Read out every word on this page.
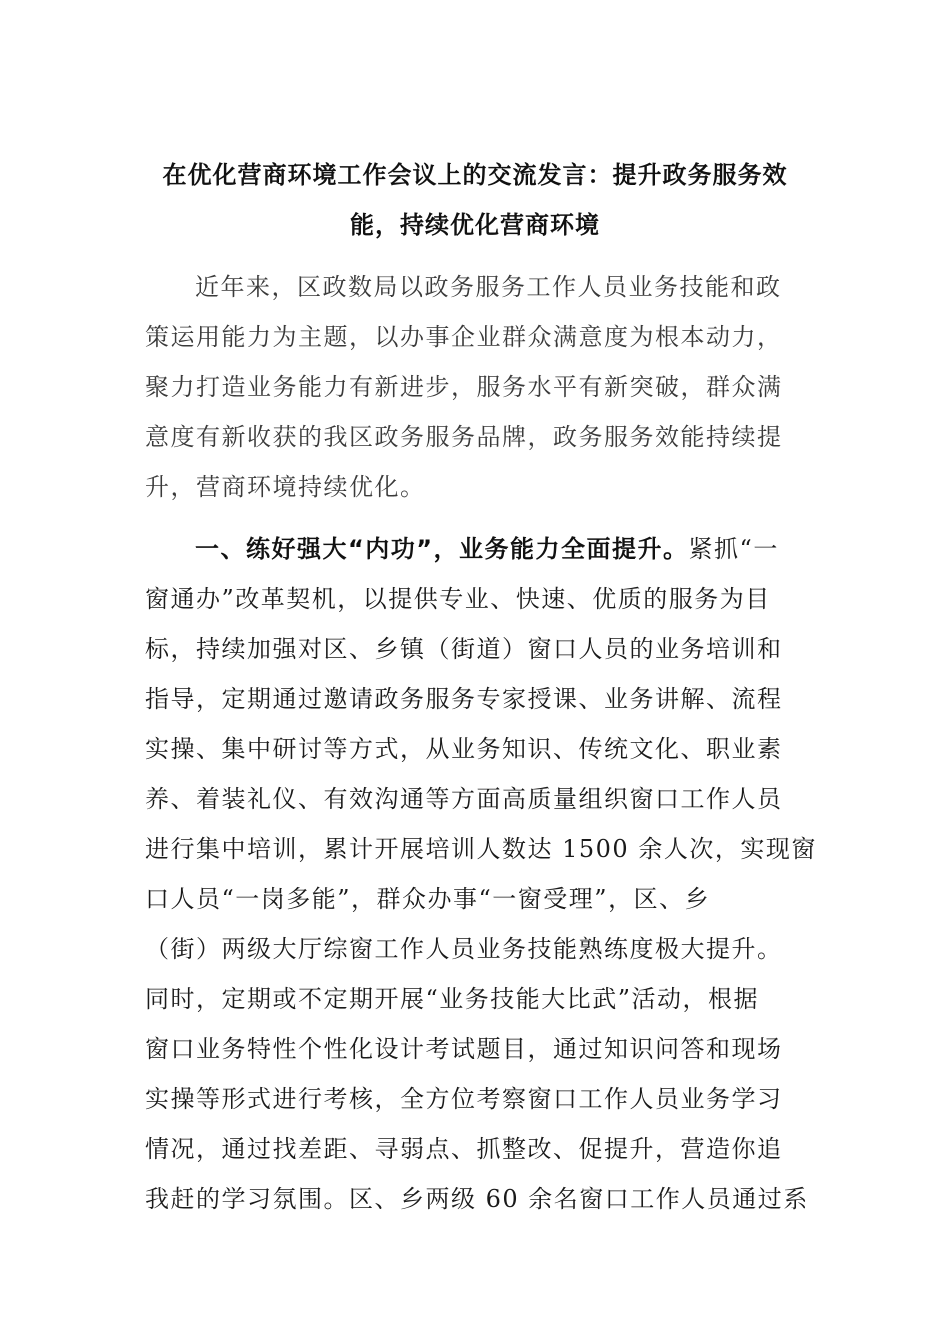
在优化营商环境工作会议上的交流发言：提升政务服务效
能，持续优化营商环境

近年来，区政数局以政务服务工作人员业务技能和政
策运用能力为主题，以办事企业群众满意度为根本动力，
聚力打造业务能力有新进步，服务水平有新突破，群众满
意度有新收获的我区政务服务品牌，政务服务效能持续提
升，营商环境持续优化。

一、练好强大“内功”，业务能力全面提升。紧抓“一
窗通办”改革契机，以提供专业、快速、优质的服务为目
标，持续加强对区、乡镇（街道）窗口人员的业务培训和
指导，定期通过邀请政务服务专家授课、业务讲解、流程
实操、集中研讨等方式，从业务知识、传统文化、职业素
养、着装礼仪、有效沟通等方面高质量组织窗口工作人员
进行集中培训，累计开展培训人数达 1500 余人次，实现窗
口人员“一岗多能”，群众办事“一窗受理”，区、乡
（街）两级大厅综窗工作人员业务技能熟练度极大提升。
同时，定期或不定期开展“业务技能大比武”活动，根据
窗口业务特性个性化设计考试题目，通过知识问答和现场
实操等形式进行考核，全方位考察窗口工作人员业务学习
情况，通过找差距、寻弱点、抓整改、促提升，营造你追
我赶的学习氛围。区、乡两级 60 余名窗口工作人员通过系
